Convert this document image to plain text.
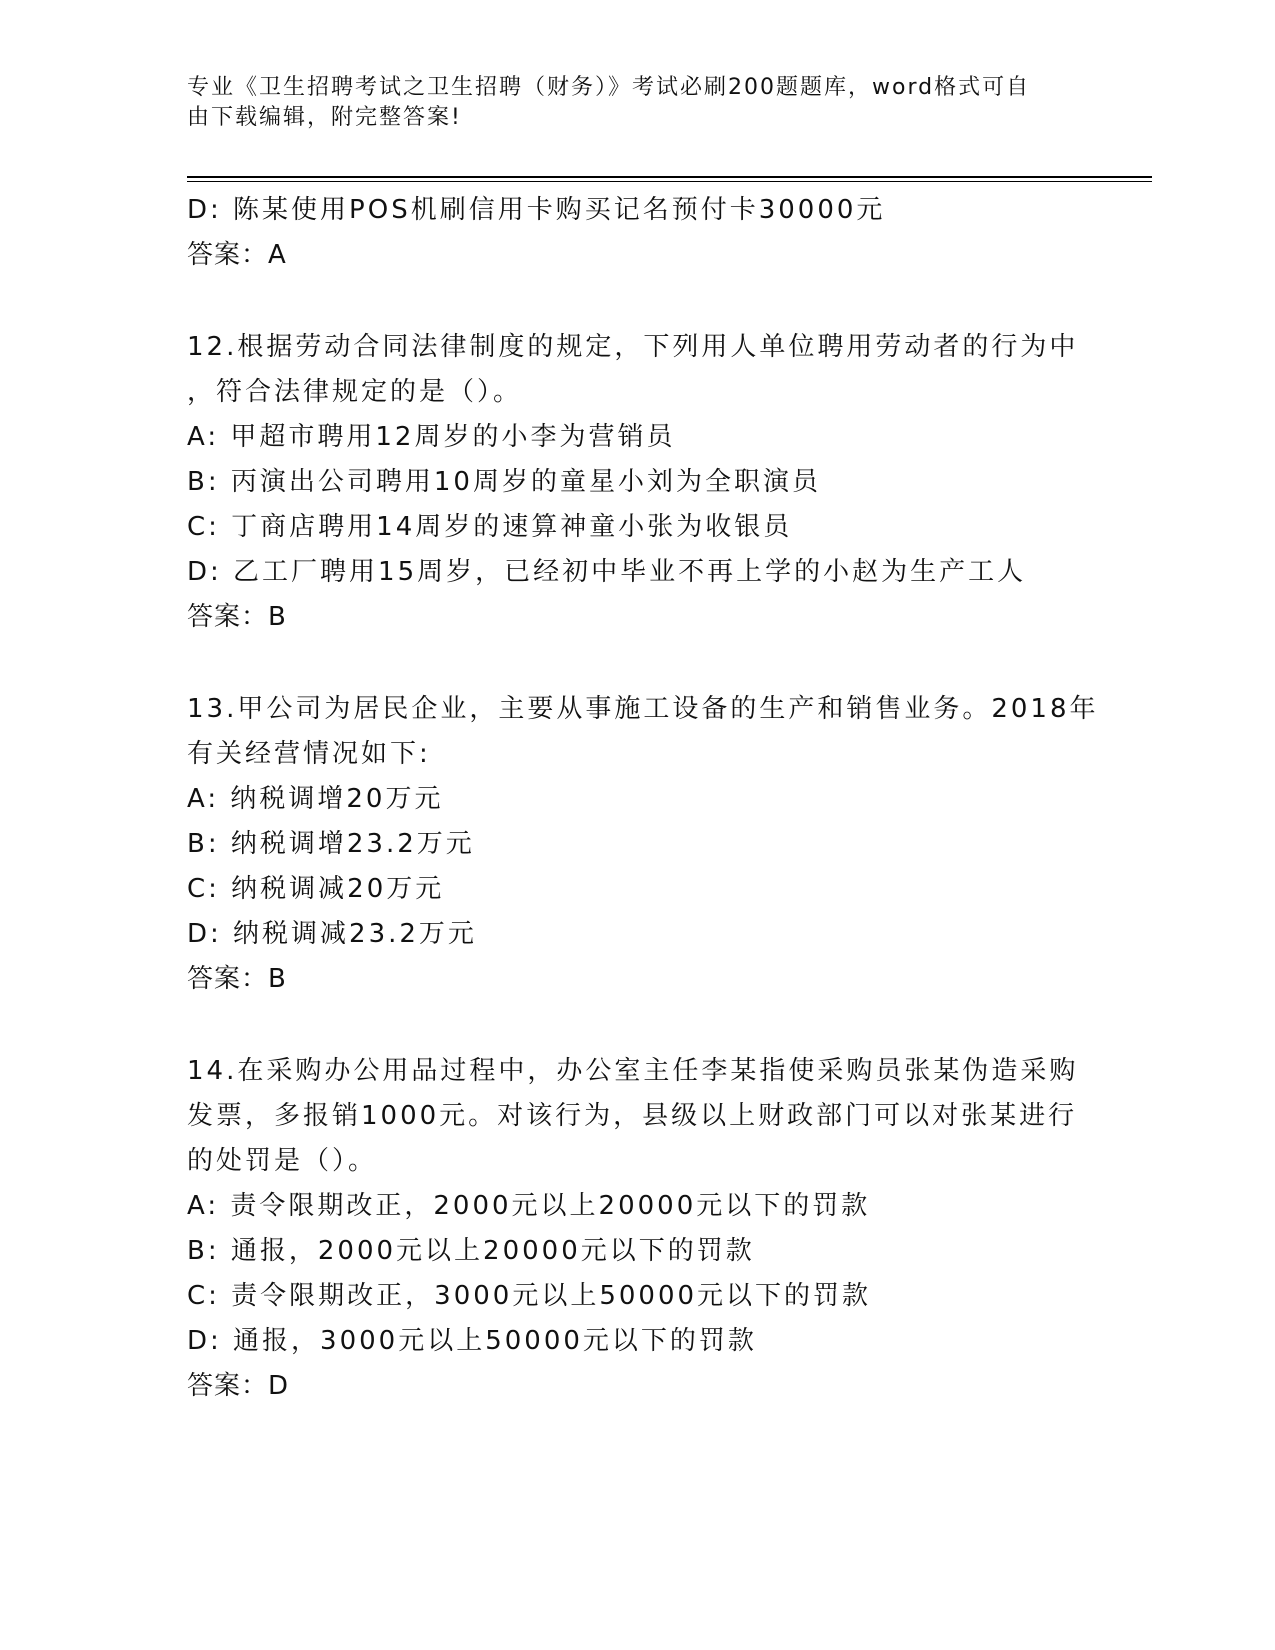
专业《卫生招聘考试之卫生招聘（财务）》考试必刷200题题库，word格式可自
由下载编辑，附完整答案!
D: 陈某使用POS机刷信用卡购买记名预付卡30000元
答案：A
12.根据劳动合同法律制度的规定，下列用人单位聘用劳动者的行为中
，符合法律规定的是（）。
A: 甲超市聘用12周岁的小李为营销员
B: 丙演出公司聘用10周岁的童星小刘为全职演员
C: 丁商店聘用14周岁的速算神童小张为收银员
D: 乙工厂聘用15周岁，已经初中毕业不再上学的小赵为生产工人
答案：B
13.甲公司为居民企业，主要从事施工设备的生产和销售业务。2018年
有关经营情况如下:
A: 纳税调增20万元
B: 纳税调增23.2万元
C: 纳税调减20万元
D: 纳税调减23.2万元
答案：B
14.在采购办公用品过程中，办公室主任李某指使采购员张某伪造采购
发票，多报销1000元。对该行为，县级以上财政部门可以对张某进行
的处罚是（）。
A: 责令限期改正，2000元以上20000元以下的罚款
B: 通报，2000元以上20000元以下的罚款
C: 责令限期改正，3000元以上50000元以下的罚款
D: 通报，3000元以上50000元以下的罚款
答案：D
